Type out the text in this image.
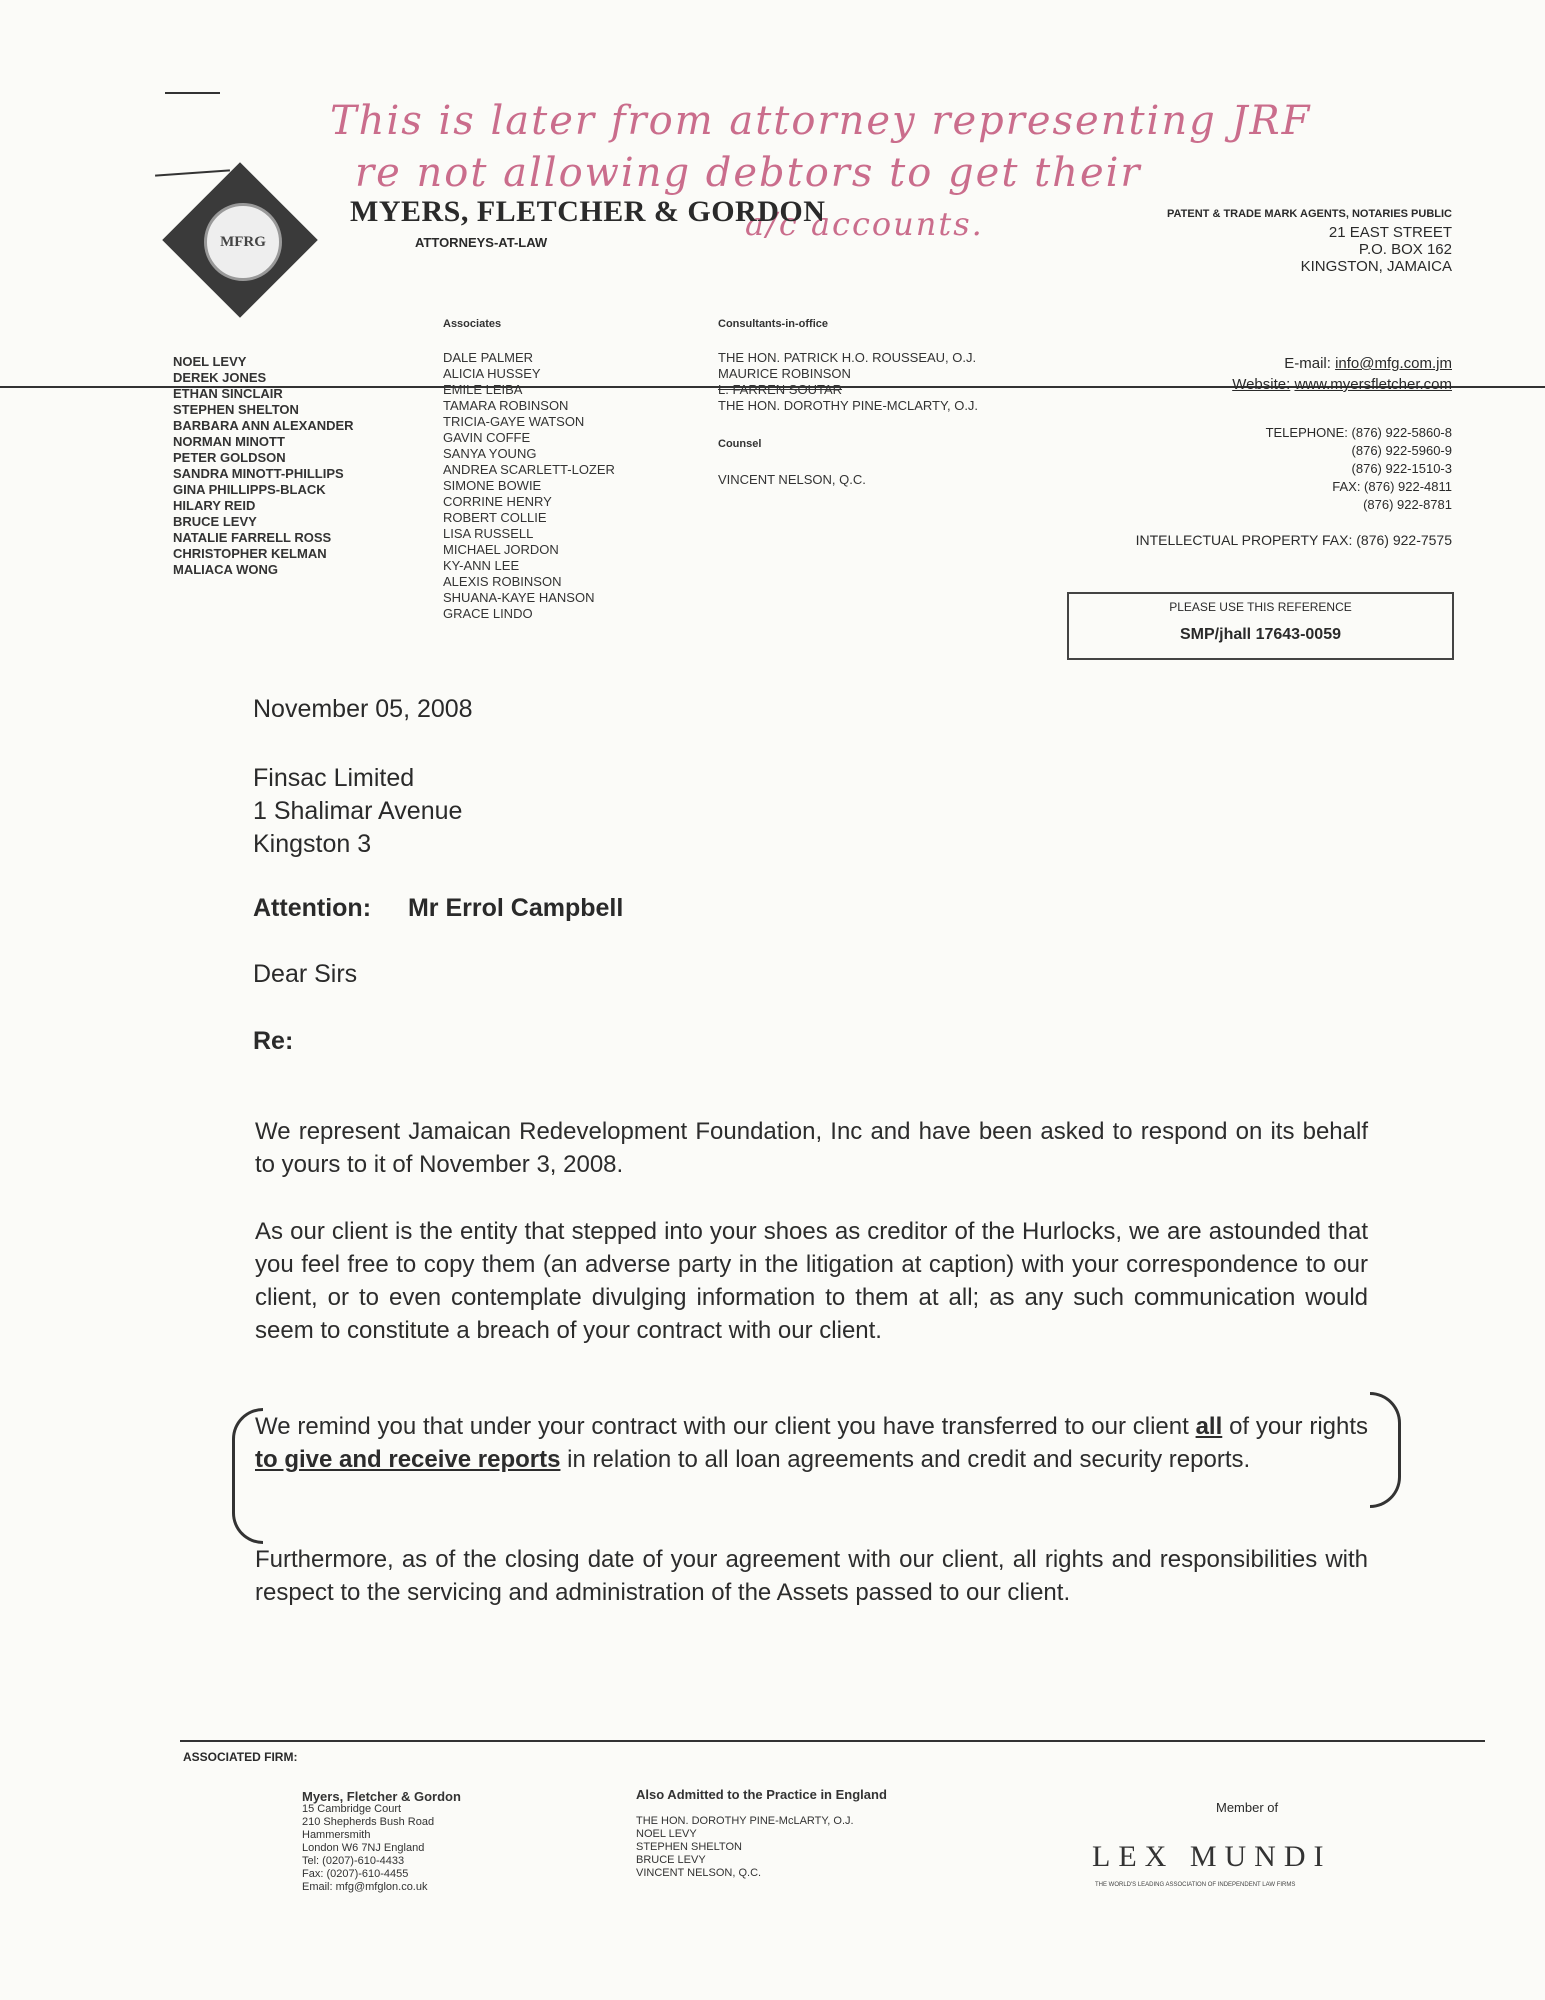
This is later from attorney representing JRF
re not allowing debtors to get their
a/c accounts.
MFRG
MYERS, FLETCHER & GORDON
ATTORNEYS-AT-LAW
PATENT & TRADE MARK AGENTS, NOTARIES PUBLIC
21 EAST STREET
P.O. BOX 162
KINGSTON, JAMAICA
Associates	Consultants-in-office
NOEL LEVY
DEREK JONES
ETHAN SINCLAIR
STEPHEN SHELTON
BARBARA ANN ALEXANDER
NORMAN MINOTT
PETER GOLDSON
SANDRA MINOTT-PHILLIPS
GINA PHILLIPPS-BLACK
HILARY REID
BRUCE LEVY
NATALIE FARRELL ROSS
CHRISTOPHER KELMAN
MALIACA WONG
DALE PALMER
ALICIA HUSSEY
EMILE LEIBA
TAMARA ROBINSON
TRICIA-GAYE WATSON
GAVIN COFFE
SANYA YOUNG
ANDREA SCARLETT-LOZER
SIMONE BOWIE
CORRINE HENRY
ROBERT COLLIE
LISA RUSSELL
MICHAEL JORDON
KY-ANN LEE
ALEXIS ROBINSON
SHUANA-KAYE HANSON
GRACE LINDO
THE HON. PATRICK H.O. ROUSSEAU, O.J.
MAURICE ROBINSON
L. FARREN SOUTAR
THE HON. DOROTHY PINE-MCLARTY, O.J.
Counsel
VINCENT NELSON, Q.C.
E-mail: info@mfg.com.jm
Website: www.myersfletcher.com
TELEPHONE: (876) 922-5860-8
(876) 922-5960-9
(876) 922-1510-3
FAX: (876) 922-4811
(876) 922-8781
INTELLECTUAL PROPERTY FAX: (876) 922-7575
PLEASE USE THIS REFERENCE
SMP/jhall 17643-0059
November 05, 2008
Finsac Limited
1 Shalimar Avenue
Kingston 3
Attention: Mr Errol Campbell
Dear Sirs
Re:
We represent Jamaican Redevelopment Foundation, Inc and have been asked to respond on its behalf to yours to it of November 3, 2008.
As our client is the entity that stepped into your shoes as creditor of the Hurlocks, we are astounded that you feel free to copy them (an adverse party in the litigation at caption) with your correspondence to our client, or to even contemplate divulging information to them at all; as any such communication would seem to constitute a breach of your contract with our client.
We remind you that under your contract with our client you have transferred to our client all of your rights to give and receive reports in relation to all loan agreements and credit and security reports.
Furthermore, as of the closing date of your agreement with our client, all rights and responsibilities with respect to the servicing and administration of the Assets passed to our client.
ASSOCIATED FIRM:
Myers, Fletcher & Gordon
15 Cambridge Court
210 Shepherds Bush Road
Hammersmith
London W6 7NJ England
Tel: (0207)-610-4433
Fax: (0207)-610-4455
Email: mfg@mfglon.co.uk
Also Admitted to the Practice in England
THE HON. DOROTHY PINE-McLARTY, O.J.
NOEL LEVY
STEPHEN SHELTON
BRUCE LEVY
VINCENT NELSON, Q.C.
Member of
LEX MUNDI
THE WORLD'S LEADING ASSOCIATION OF INDEPENDENT LAW FIRMS
